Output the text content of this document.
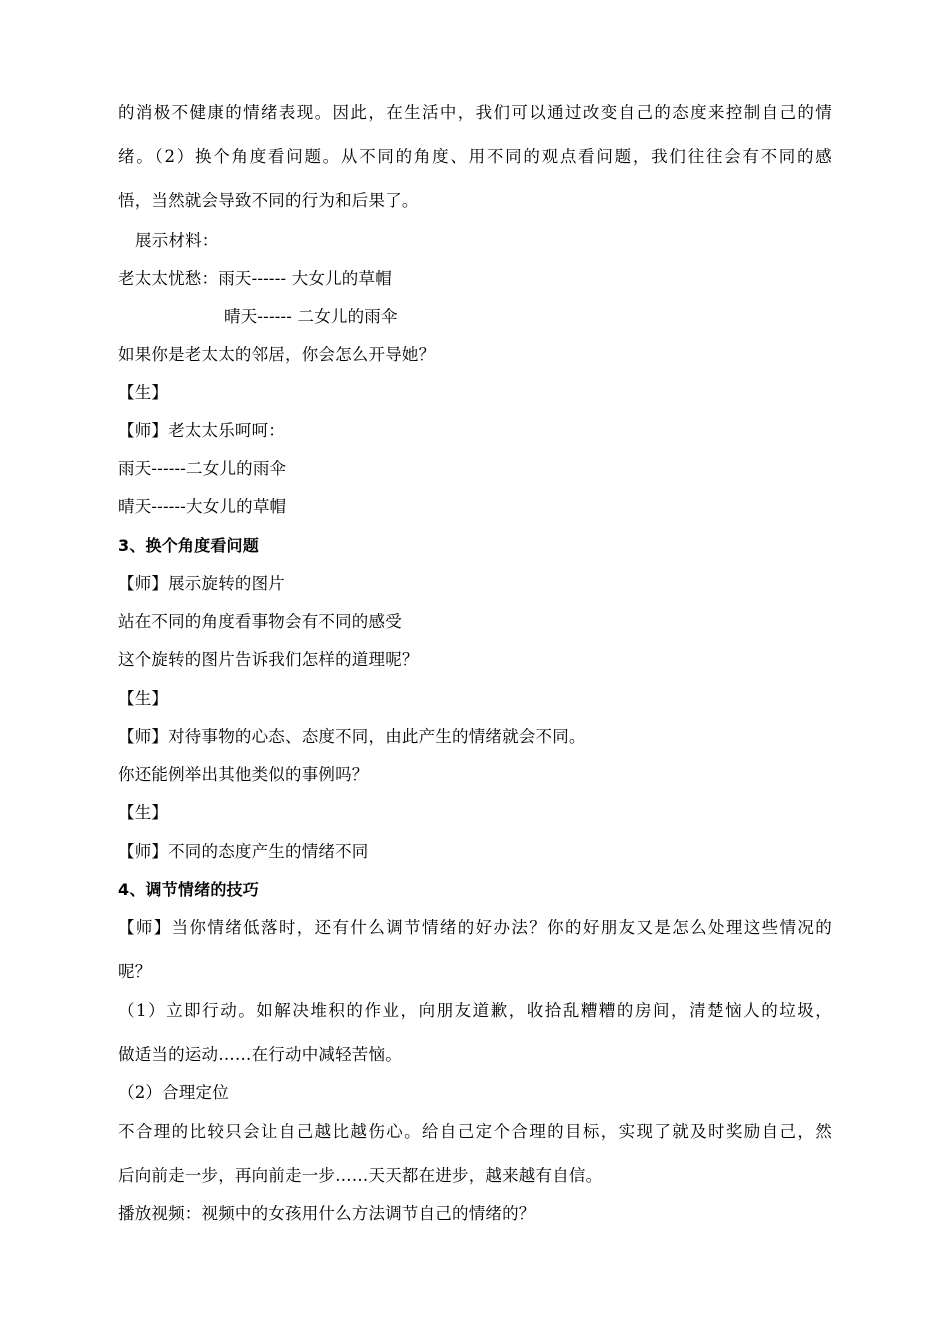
的消极不健康的情绪表现。因此，在生活中，我们可以通过改变自己的态度来控制自己的情
绪。（2）换个角度看问题。从不同的角度、用不同的观点看问题，我们往往会有不同的感
悟，当然就会导致不同的行为和后果了。
展示材料：
老太太忧愁：雨天------ 大女儿的草帽
晴天------ 二女儿的雨伞
如果你是老太太的邻居，你会怎么开导她？
【生】
【师】老太太乐呵呵：
雨天------二女儿的雨伞
晴天------大女儿的草帽
3、换个角度看问题
【师】展示旋转的图片
站在不同的角度看事物会有不同的感受
这个旋转的图片告诉我们怎样的道理呢？
【生】
【师】对待事物的心态、态度不同，由此产生的情绪就会不同。
你还能例举出其他类似的事例吗？
【生】
【师】不同的态度产生的情绪不同
4、调节情绪的技巧
【师】当你情绪低落时，还有什么调节情绪的好办法？你的好朋友又是怎么处理这些情况的
呢？
（1）立即行动。如解决堆积的作业，向朋友道歉，收拾乱糟糟的房间，清楚恼人的垃圾，
做适当的运动……在行动中减轻苦恼。
（2）合理定位
不合理的比较只会让自己越比越伤心。给自己定个合理的目标，实现了就及时奖励自己，然
后向前走一步，再向前走一步……天天都在进步，越来越有自信。
播放视频：视频中的女孩用什么方法调节自己的情绪的？
